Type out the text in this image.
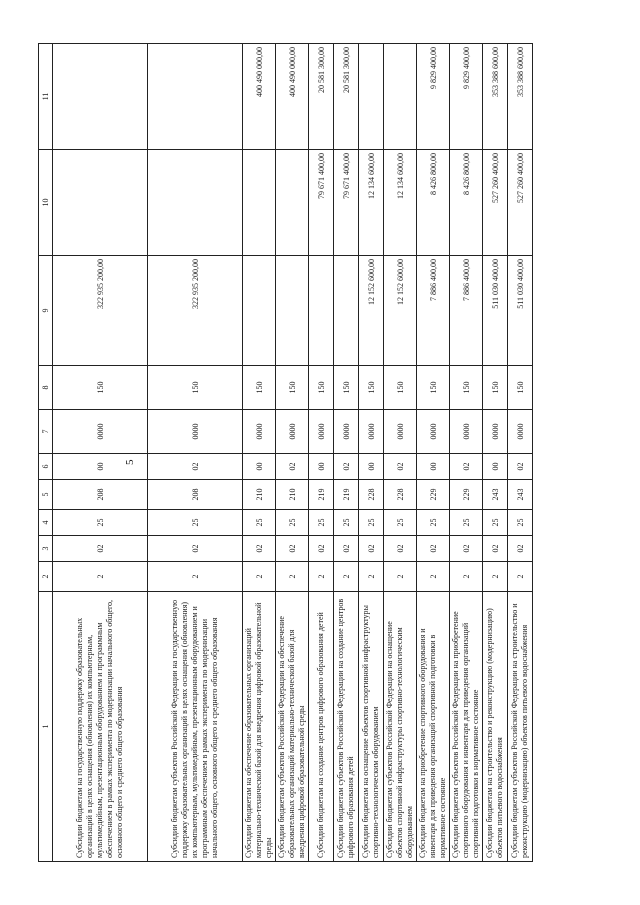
5
1	2	3	4	5	6	7	8	9	10	11
Субсидии бюджетам на государственную поддержку образовательных организаций в целях оснащения (обновления) их компьютерным, мультимедийным, презентационным оборудованием и программным обеспечением в рамках эксперимента по модернизации начального общего, основного общего и среднего общего образования	2	02	25	208	00	0000	150	322 935 200,00		
Субсидии бюджетам субъектов Российской Федерации на государственную поддержку образовательных организаций в целях оснащения (обновления) их компьютерным, мультимедийным, презентационным оборудованием и программным обеспечением в рамках эксперимента по модернизации начального общего, основного общего и среднего общего образования	2	02	25	208	02	0000	150	322 935 200,00		
Субсидии бюджетам на обеспечение образовательных организаций материально-технической базой для внедрения цифровой образовательной среды	2	02	25	210	00	0000	150			400 490 000,00
Субсидии бюджетам субъектов Российской Федерации на обеспечение образовательных организаций материально-технической базой для внедрения цифровой образовательной среды	2	02	25	210	02	0000	150			400 490 000,00
Субсидии бюджетам на создание центров цифрового образования детей	2	02	25	219	00	0000	150		79 671 400,00	20 581 300,00
Субсидии бюджетам субъектов Российской Федерации на создание центров цифрового образования детей	2	02	25	219	02	0000	150		79 671 400,00	20 581 300,00
Субсидии бюджетам на оснащение объектов спортивной инфраструктуры спортивно-технологическим оборудованием	2	02	25	228	00	0000	150	12 152 600,00	12 134 600,00	
Субсидии бюджетам субъектов Российской Федерации на оснащение объектов спортивной инфраструктуры спортивно-технологическим оборудованием	2	02	25	228	02	0000	150	12 152 600,00	12 134 600,00	
Субсидии бюджетам на приобретение спортивного оборудования и инвентаря для приведения организаций спортивной подготовки в нормативное состояние	2	02	25	229	00	0000	150	7 886 400,00	8 426 800,00	9 829 400,00
Субсидии бюджетам субъектов Российской Федерации на приобретение спортивного оборудования и инвентаря для приведения организаций спортивной подготовки в нормативное состояние	2	02	25	229	02	0000	150	7 886 400,00	8 426 800,00	9 829 400,00
Субсидии бюджетам на строительство и реконструкцию (модернизацию) объектов питьевого водоснабжения	2	02	25	243	00	0000	150	511 030 400,00	527 260 400,00	353 388 600,00
Субсидии бюджетам субъектов Российской Федерации на строительство и реконструкцию (модернизацию) объектов питьевого водоснабжения	2	02	25	243	02	0000	150	511 030 400,00	527 260 400,00	353 388 600,00
